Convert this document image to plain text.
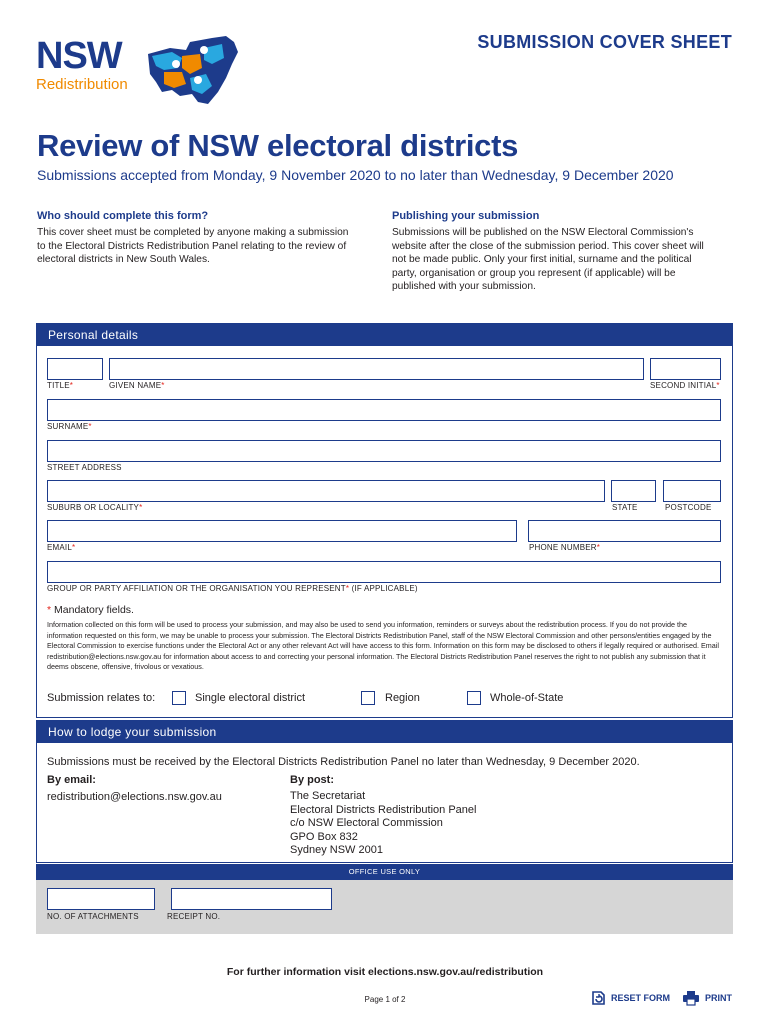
NSW
Redistribution
SUBMISSION COVER SHEET
Review of NSW electoral districts
Submissions accepted from Monday, 9 November 2020 to no later than Wednesday, 9 December 2020
Who should complete this form?

This cover sheet must be completed by anyone making a submission to the Electoral Districts Redistribution Panel relating to the review of electoral districts in New South Wales.

Publishing your submission

Submissions will be published on the NSW Electoral Commission's website after the close of the submission period. This cover sheet will not be made public. Only your first initial, surname and the political party, organisation or group you represent (if applicable) will be published with your submission.

Personal details
TITLE*	GIVEN NAME*	SECOND INITIAL*
SURNAME*
STREET ADDRESS
SUBURB OR LOCALITY*	STATE	POSTCODE
EMAIL*	PHONE NUMBER*
GROUP OR PARTY AFFILIATION OR THE ORGANISATION YOU REPRESENT* (IF APPLICABLE)
* Mandatory fields.
Information collected on this form will be used to process your submission, and may also be used to send you information, reminders or surveys about the redistribution process. If you do not provide the information requested on this form, we may be unable to process your submission. The Electoral Districts Redistribution Panel, staff of the NSW Electoral Commission and other persons/entities engaged by the Electoral Commission to exercise functions under the Electoral Act or any other relevant Act will have access to this form. Information on this form may be disclosed to others if legally required or authorised. Email redistribution@elections.nsw.gov.au for information about access to and correcting your personal information. The Electoral Districts Redistribution Panel reserves the right to not publish any submission that it deems obscene, offensive, frivolous or vexatious.
Submission relates to:	Single electoral district	Region	Whole-of-State
How to lodge your submission
Submissions must be received by the Electoral Districts Redistribution Panel no later than Wednesday, 9 December 2020.
By email:
redistribution@elections.nsw.gov.au
By post:
The Secretariat
Electoral Districts Redistribution Panel
c/o NSW Electoral Commission
GPO Box 832
Sydney NSW 2001
OFFICE USE ONLY
NO. OF ATTACHMENTS	RECEIPT NO.
For further information visit elections.nsw.gov.au/redistribution
Page 1 of 2	RESET FORM	PRINT
